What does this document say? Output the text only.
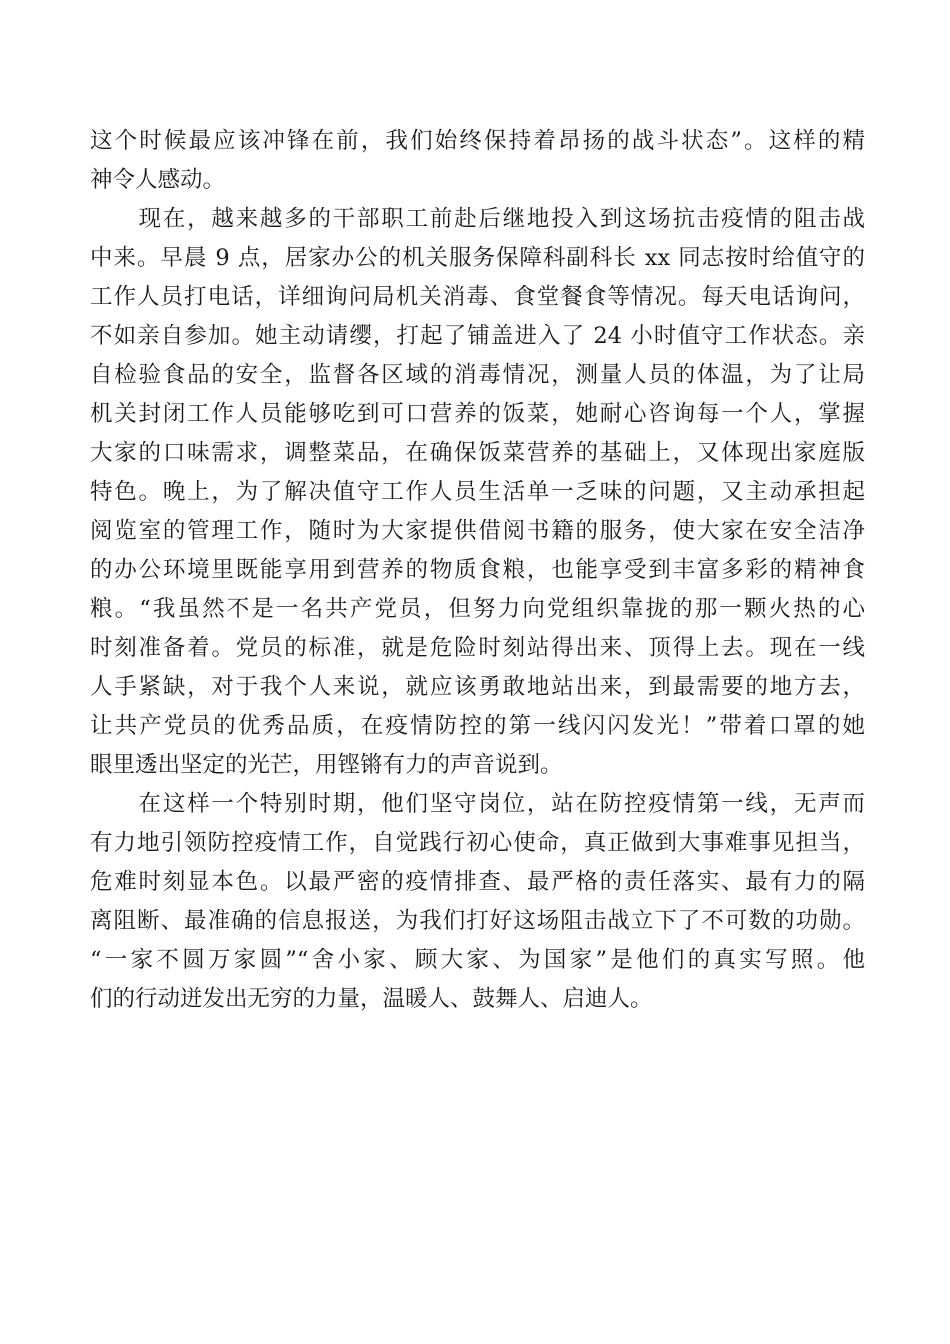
这个时候最应该冲锋在前，我们始终保持着昂扬的战斗状态”。这样的精
神令人感动。
　　现在，越来越多的干部职工前赴后继地投入到这场抗击疫情的阻击战
中来。早晨 9 点，居家办公的机关服务保障科副科长 xx 同志按时给值守的
工作人员打电话，详细询问局机关消毒、食堂餐食等情况。每天电话询问，
不如亲自参加。她主动请缨，打起了铺盖进入了 24 小时值守工作状态。亲
自检验食品的安全，监督各区域的消毒情况，测量人员的体温，为了让局
机关封闭工作人员能够吃到可口营养的饭菜，她耐心咨询每一个人，掌握
大家的口味需求，调整菜品，在确保饭菜营养的基础上，又体现出家庭版
特色。晚上，为了解决值守工作人员生活单一乏味的问题，又主动承担起
阅览室的管理工作，随时为大家提供借阅书籍的服务，使大家在安全洁净
的办公环境里既能享用到营养的物质食粮，也能享受到丰富多彩的精神食
粮。“我虽然不是一名共产党员，但努力向党组织靠拢的那一颗火热的心
时刻准备着。党员的标准，就是危险时刻站得出来、顶得上去。现在一线
人手紧缺，对于我个人来说，就应该勇敢地站出来，到最需要的地方去，
让共产党员的优秀品质，在疫情防控的第一线闪闪发光！”带着口罩的她
眼里透出坚定的光芒，用铿锵有力的声音说到。
　　在这样一个特别时期，他们坚守岗位，站在防控疫情第一线，无声而
有力地引领防控疫情工作，自觉践行初心使命，真正做到大事难事见担当，
危难时刻显本色。以最严密的疫情排查、最严格的责任落实、最有力的隔
离阻断、最准确的信息报送，为我们打好这场阻击战立下了不可数的功勋。
“一家不圆万家圆”“舍小家、顾大家、为国家”是他们的真实写照。他
们的行动迸发出无穷的力量，温暖人、鼓舞人、启迪人。
